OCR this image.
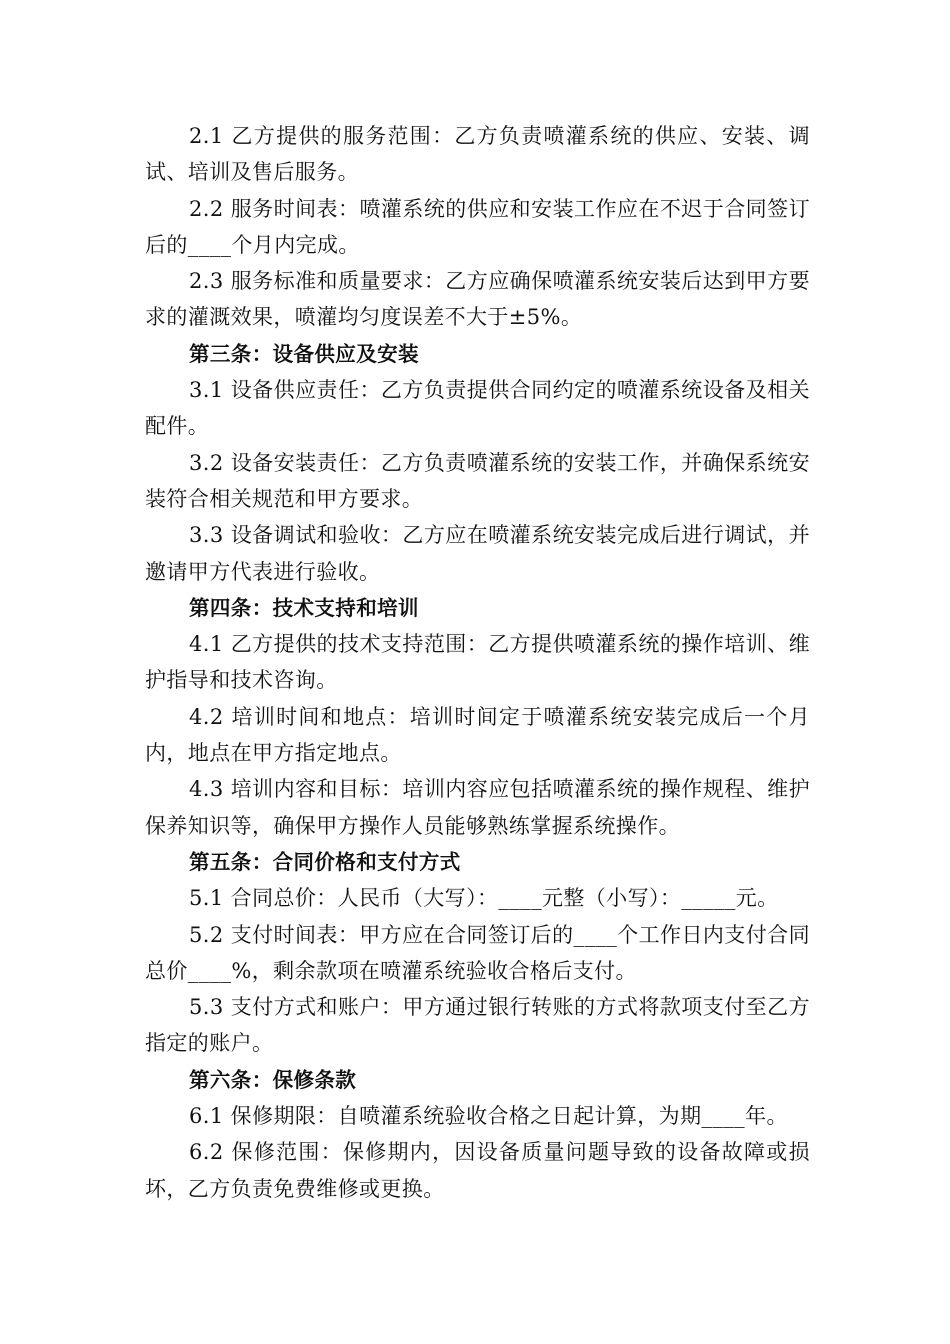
2.1 乙方提供的服务范围：乙方负责喷灌系统的供应、安装、调试、培训及售后服务。

2.2 服务时间表：喷灌系统的供应和安装工作应在不迟于合同签订后的____个月内完成。

2.3 服务标准和质量要求：乙方应确保喷灌系统安装后达到甲方要求的灌溉效果，喷灌均匀度误差不大于±5%。

第三条：设备供应及安装

3.1 设备供应责任：乙方负责提供合同约定的喷灌系统设备及相关配件。

3.2 设备安装责任：乙方负责喷灌系统的安装工作，并确保系统安装符合相关规范和甲方要求。

3.3 设备调试和验收：乙方应在喷灌系统安装完成后进行调试，并邀请甲方代表进行验收。

第四条：技术支持和培训

4.1 乙方提供的技术支持范围：乙方提供喷灌系统的操作培训、维护指导和技术咨询。

4.2 培训时间和地点：培训时间定于喷灌系统安装完成后一个月内，地点在甲方指定地点。

4.3 培训内容和目标：培训内容应包括喷灌系统的操作规程、维护保养知识等，确保甲方操作人员能够熟练掌握系统操作。

第五条：合同价格和支付方式

5.1 合同总价：人民币（大写）：____元整（小写）：_____元。

5.2 支付时间表：甲方应在合同签订后的____个工作日内支付合同总价____%，剩余款项在喷灌系统验收合格后支付。

5.3 支付方式和账户：甲方通过银行转账的方式将款项支付至乙方指定的账户。

第六条：保修条款

6.1 保修期限：自喷灌系统验收合格之日起计算，为期____年。

6.2 保修范围：保修期内，因设备质量问题导致的设备故障或损坏，乙方负责免费维修或更换。
